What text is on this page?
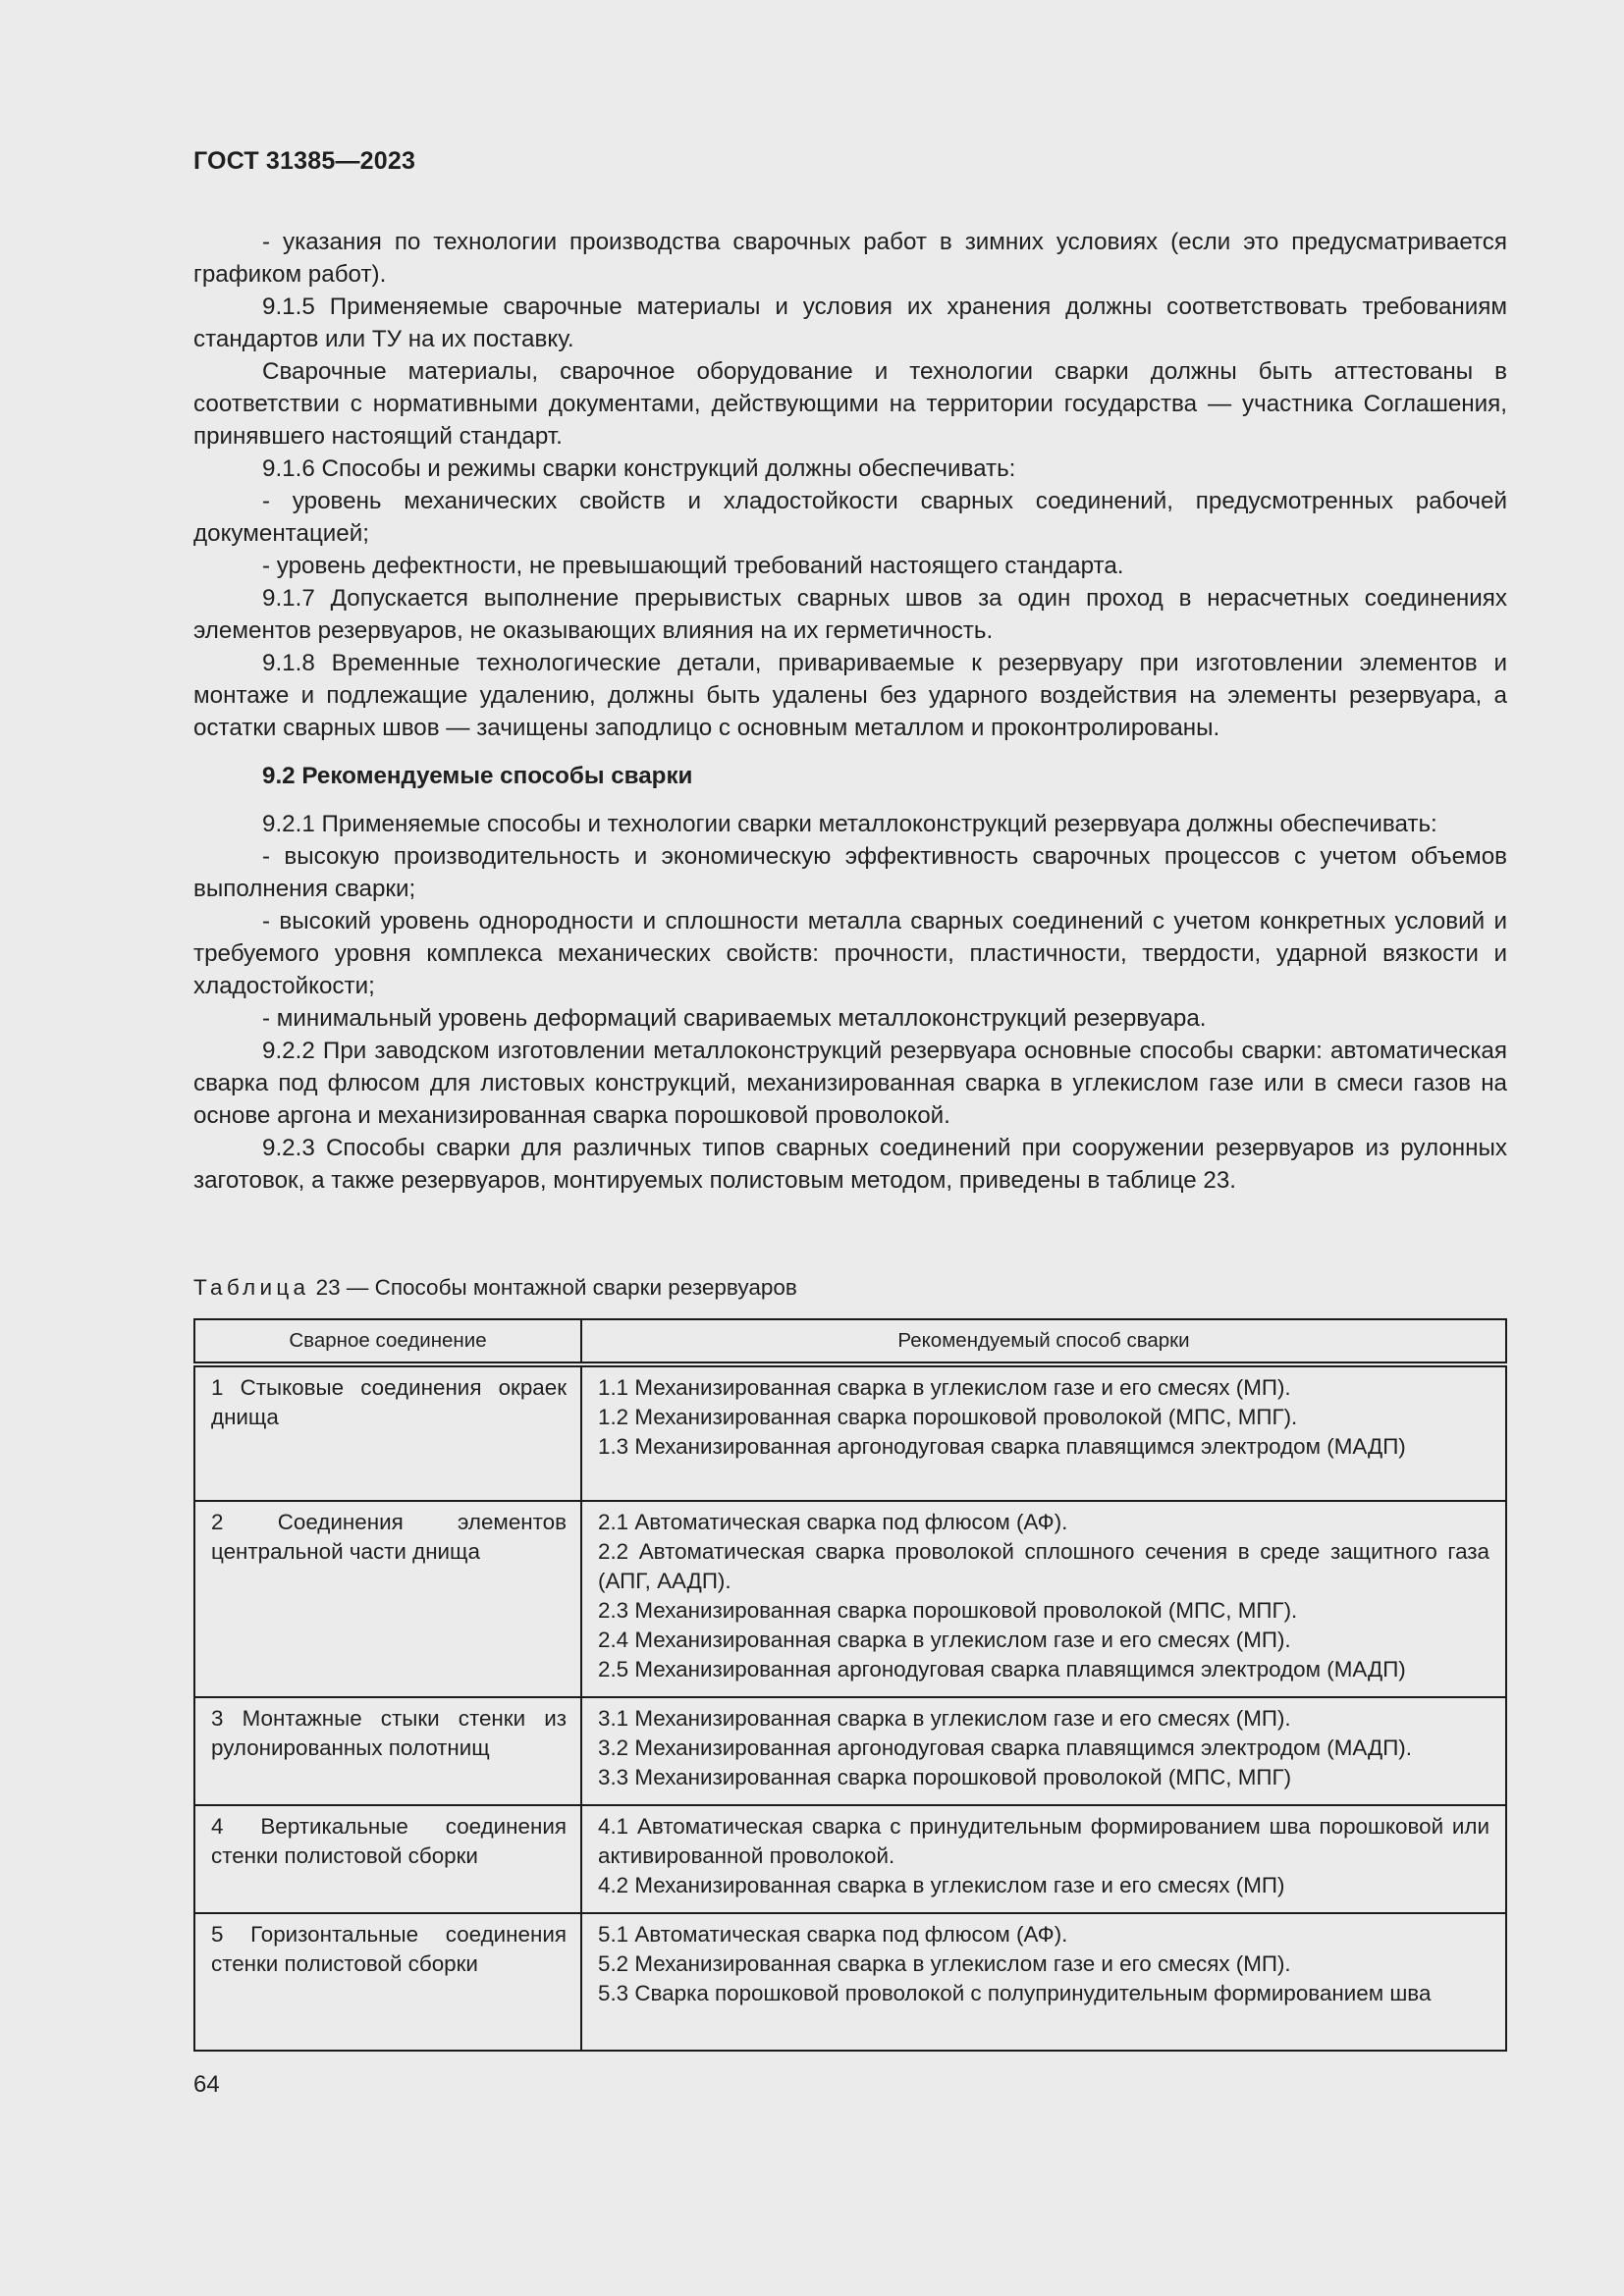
ГОСТ 31385—2023

- указания по технологии производства сварочных работ в зимних условиях (если это предусматривается графиком работ).

9.1.5 Применяемые сварочные материалы и условия их хранения должны соответствовать требованиям стандартов или ТУ на их поставку.

Сварочные материалы, сварочное оборудование и технологии сварки должны быть аттестованы в соответствии с нормативными документами, действующими на территории государства — участника Соглашения, принявшего настоящий стандарт.

9.1.6 Способы и режимы сварки конструкций должны обеспечивать:

- уровень механических свойств и хладостойкости сварных соединений, предусмотренных рабочей документацией;

- уровень дефектности, не превышающий требований настоящего стандарта.

9.1.7 Допускается выполнение прерывистых сварных швов за один проход в нерасчетных соединениях элементов резервуаров, не оказывающих влияния на их герметичность.

9.1.8 Временные технологические детали, привариваемые к резервуару при изготовлении элементов и монтаже и подлежащие удалению, должны быть удалены без ударного воздействия на элементы резервуара, а остатки сварных швов — зачищены заподлицо с основным металлом и проконтролированы.

9.2 Рекомендуемые способы сварки

9.2.1 Применяемые способы и технологии сварки металлоконструкций резервуара должны обеспечивать:

- высокую производительность и экономическую эффективность сварочных процессов с учетом объемов выполнения сварки;

- высокий уровень однородности и сплошности металла сварных соединений с учетом конкретных условий и требуемого уровня комплекса механических свойств: прочности, пластичности, твердости, ударной вязкости и хладостойкости;

- минимальный уровень деформаций свариваемых металлоконструкций резервуара.

9.2.2 При заводском изготовлении металлоконструкций резервуара основные способы сварки: автоматическая сварка под флюсом для листовых конструкций, механизированная сварка в углекислом газе или в смеси газов на основе аргона и механизированная сварка порошковой проволокой.

9.2.3 Способы сварки для различных типов сварных соединений при сооружении резервуаров из рулонных заготовок, а также резервуаров, монтируемых полистовым методом, приведены в таблице 23.

Таблица 23 — Способы монтажной сварки резервуаров

Сварное соединение	Рекомендуемый способ сварки
1 Стыковые соединения окраек днища	1.1 Механизированная сварка в углекислом газе и его смесях (МП).
1.2 Механизированная сварка порошковой проволокой (МПС, МПГ).
1.3 Механизированная аргонодуговая сварка плавящимся электродом (МАДП)

2 Соединения элементов центральной части днища	2.1 Автоматическая сварка под флюсом (АФ).
2.2 Автоматическая сварка проволокой сплошного сечения в среде защитного газа (АПГ, ААДП).
2.3 Механизированная сварка порошковой проволокой (МПС, МПГ).
2.4 Механизированная сварка в углекислом газе и его смесях (МП).
2.5 Механизированная аргонодуговая сварка плавящимся электродом (МАДП)

3 Монтажные стыки стенки из рулонированных полотнищ	3.1 Механизированная сварка в углекислом газе и его смесях (МП).
3.2 Механизированная аргонодуговая сварка плавящимся электродом (МАДП).
3.3 Механизированная сварка порошковой проволокой (МПС, МПГ)

4 Вертикальные соединения стенки полистовой сборки	4.1 Автоматическая сварка с принудительным формированием шва порошковой или активированной проволокой.
4.2 Механизированная сварка в углекислом газе и его смесях (МП)

5 Горизонтальные соединения стенки полистовой сборки	5.1 Автоматическая сварка под флюсом (АФ).
5.2 Механизированная сварка в углекислом газе и его смесях (МП).
5.3 Сварка порошковой проволокой с полупринудительным формированием шва

64
